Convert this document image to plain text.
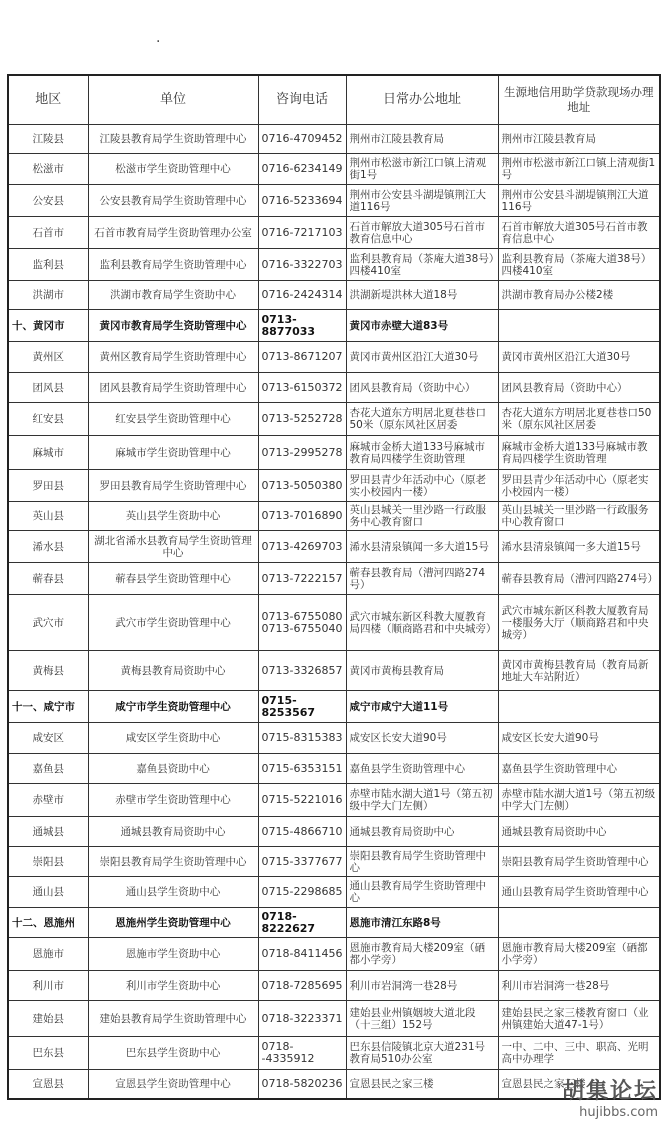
.
地区	单位	咨询电话	日常办公地址	生源地信用助学贷款现场办理地址
江陵县	江陵县教育局学生资助管理中心	0716-4709452	荆州市江陵县教育局	荆州市江陵县教育局
松滋市	松滋市学生资助管理中心	0716-6234149	荆州市松滋市新江口镇上清观街1号	荆州市松滋市新江口镇上清观街1号
公安县	公安县教育局学生资助管理中心	0716-5233694	荆州市公安县斗湖堤镇荆江大道116号	荆州市公安县斗湖堤镇荆江大道116号
石首市	石首市教育局学生资助管理办公室	0716-7217103	石首市解放大道305号石首市教育信息中心	石首市解放大道305号石首市教育信息中心
监利县	监利县教育局学生资助管理中心	0716-3322703	监利县教育局（茶庵大道38号）四楼410室	监利县教育局（茶庵大道38号）四楼410室
洪湖市	洪湖市教育局学生资助中心	0716-2424314	洪湖新堤洪林大道18号	洪湖市教育局办公楼2楼
十、黄冈市	黄冈市教育局学生资助管理中心	0713-8877033	黄冈市赤壁大道83号	
黄州区	黄州区教育局学生资助管理中心	0713-8671207	黄冈市黄州区沿江大道30号	黄冈市黄州区沿江大道30号
团风县	团风县教育局学生资助管理中心	0713-6150372	团风县教育局（资助中心）	团风县教育局（资助中心）
红安县	红安县学生资助管理中心	0713-5252728	杏花大道东方明居北夏巷巷口50米（原东风社区居委	杏花大道东方明居北夏巷巷口50米（原东风社区居委
麻城市	麻城市学生资助管理中心	0713-2995278	麻城市金桥大道133号麻城市教育局四楼学生资助管理	麻城市金桥大道133号麻城市教育局四楼学生资助管理
罗田县	罗田县教育局学生资助管理中心	0713-5050380	罗田县青少年活动中心（原老实小校园内一楼）	罗田县青少年活动中心（原老实小校园内一楼）
英山县	英山县学生资助中心	0713-7016890	英山县城关一里沙路一行政服务中心教育窗口	英山县城关一里沙路一行政服务中心教育窗口
浠水县	湖北省浠水县教育局学生资助管理中心	0713-4269703	浠水县清泉镇闻一多大道15号	浠水县清泉镇闻一多大道15号
蕲春县	蕲春县学生资助管理中心	0713-7222157	蕲春县教育局（漕河四路274号）	蕲春县教育局（漕河四路274号）
武穴市	武穴市学生资助管理中心	0713-6755080 0713-6755040	武穴市城东新区科教大厦教育局四楼（顺商路君和中央城旁）	武穴市城东新区科教大厦教育局一楼服务大厅（顺商路君和中央城旁）
黄梅县	黄梅县教育局资助中心	0713-3326857	黄冈市黄梅县教育局	黄冈市黄梅县教育局（教育局新地址大车站附近）
十一、咸宁市	咸宁市学生资助管理中心	0715-8253567	咸宁市咸宁大道11号	
咸安区	咸安区学生资助中心	0715-8315383	咸安区长安大道90号	咸安区长安大道90号
嘉鱼县	嘉鱼县资助中心	0715-6353151	嘉鱼县学生资助管理中心	嘉鱼县学生资助管理中心
赤壁市	赤壁市学生资助管理中心	0715-5221016	赤壁市陆水湖大道1号（第五初级中学大门左侧）	赤壁市陆水湖大道1号（第五初级中学大门左侧）
通城县	通城县教育局资助中心	0715-4866710	通城县教育局资助中心	通城县教育局资助中心
崇阳县	崇阳县教育局学生资助管理中心	0715-3377677	崇阳县教育局学生资助管理中心	崇阳县教育局学生资助管理中心
通山县	通山县学生资助中心	0715-2298685	通山县教育局学生资助管理中心	通山县教育局学生资助管理中心
十二、恩施州	恩施州学生资助管理中心	0718-8222627	恩施市清江东路8号	
恩施市	恩施市学生资助中心	0718-8411456	恩施市教育局大楼209室（硒都小学旁）	恩施市教育局大楼209室（硒都小学旁）
利川市	利川市学生资助中心	0718-7285695	利川市岩洞湾一巷28号	利川市岩洞湾一巷28号
建始县	建始县教育局学生资助管理中心	0718-3223371	建始县业州镇姻坡大道北段（十三组）152号	建始县民之家三楼教育窗口（业州镇建始大道47-1号）
巴东县	巴东县学生资助中心	0718--4335912	巴东县信陵镇北京大道231号教育局510办公室	一中、二中、三中、职高、光明高中办理学
宣恩县	宣恩县学生资助管理中心	0718-5820236	宣恩县民之家三楼	宣恩县民之家三楼
胡集论坛
hujibbs.com
